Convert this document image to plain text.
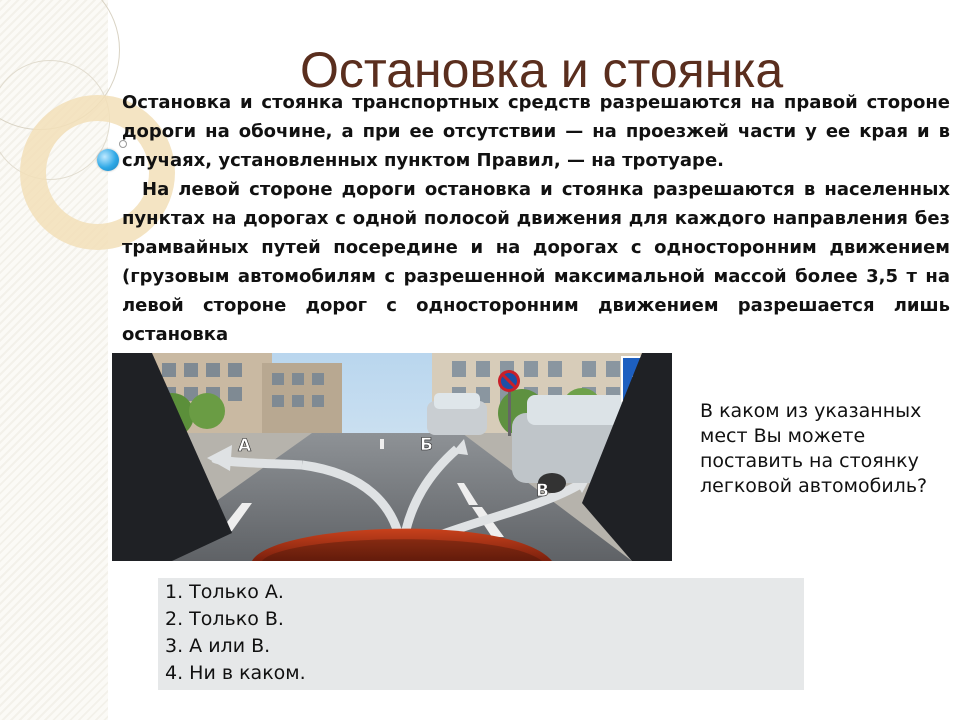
Остановка и стоянка
А	Б
В

Остановка и стоянка транспортных средств разрешаются на правой стороне дороги на обочине, а при ее отсутствии — на проезжей части у ее края и в случаях, установленных пунктом Правил, — на тротуаре.

На левой стороне дороги остановка и стоянка разрешаются в населенных пунктах на дорогах с одной полосой движения для каждого направления без трамвайных путей посередине и на дорогах с односторонним движением (грузовым автомобилям с разрешенной максимальной массой более 3,5 т на левой стороне дорог с односторонним движением разрешается лишь остановка

В каком из указанных мест Вы можете поставить на стоянку легковой автомобиль?
1. Только А.
2. Только В.
3. А или В.
4. Ни в каком.
